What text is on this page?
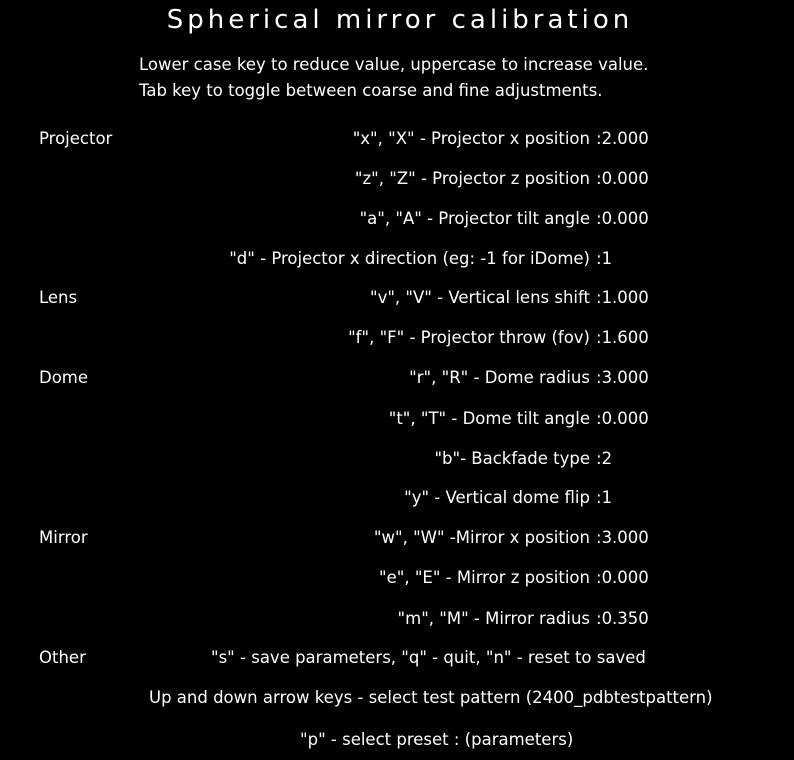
Spherical mirror calibration
Lower case key to reduce value, uppercase to increase value.
Tab key to toggle between coarse and fine adjustments.
Projector
Lens
Dome
Mirror
Other
"x", "X" - Projector x position :2.000
"z", "Z" - Projector z position :0.000
"a", "A" - Projector tilt angle :0.000
"d" - Projector x direction (eg: -1 for iDome) :1
"v", "V" - Vertical lens shift :1.000
"f", "F" - Projector throw (fov) :1.600
"r", "R" - Dome radius :3.000
"t", "T" - Dome tilt angle :0.000
"b"- Backfade type :2
"y" - Vertical dome flip :1
"w", "W" -Mirror x position :3.000
"e", "E" - Mirror z position :0.000
"m", "M" - Mirror radius :0.350
"s" - save parameters, "q" - quit, "n" - reset to saved
Up and down arrow keys - select test pattern (2400_pdbtestpattern)
"p" - select preset : (parameters)
